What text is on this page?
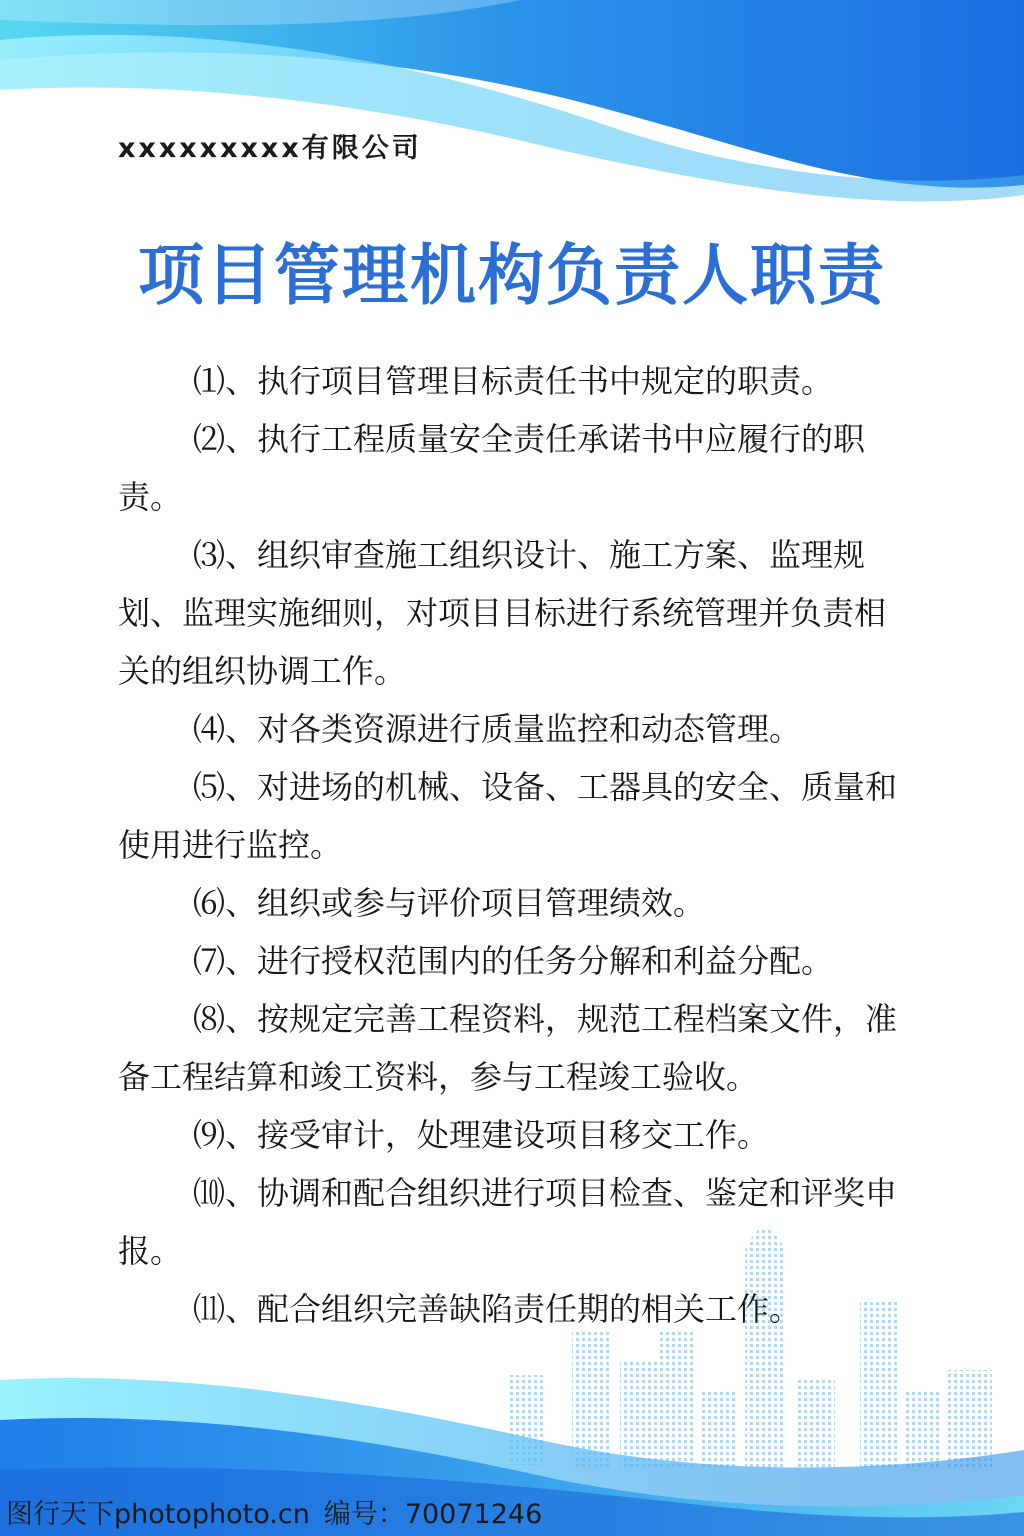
xxxxxxxxx有限公司
项目管理机构负责人职责

⑴、执行项目管理目标责任书中规定的职责。

⑵、执行工程质量安全责任承诺书中应履行的职责。

⑶、组织审查施工组织设计、施工方案、监理规划、监理实施细则，对项目目标进行系统管理并负责相关的组织协调工作。

⑷、对各类资源进行质量监控和动态管理。

⑸、对进场的机械、设备、工器具的安全、质量和使用进行监控。

⑹、组织或参与评价项目管理绩效。

⑺、进行授权范围内的任务分解和利益分配。

⑻、按规定完善工程资料，规范工程档案文件，准备工程结算和竣工资料，参与工程竣工验收。

⑼、接受审计，处理建设项目移交工作。

⑽、协调和配合组织进行项目检查、鉴定和评奖申报。

⑾、配合组织完善缺陷责任期的相关工作。

图行天下photophoto.cn 编号：70071246
